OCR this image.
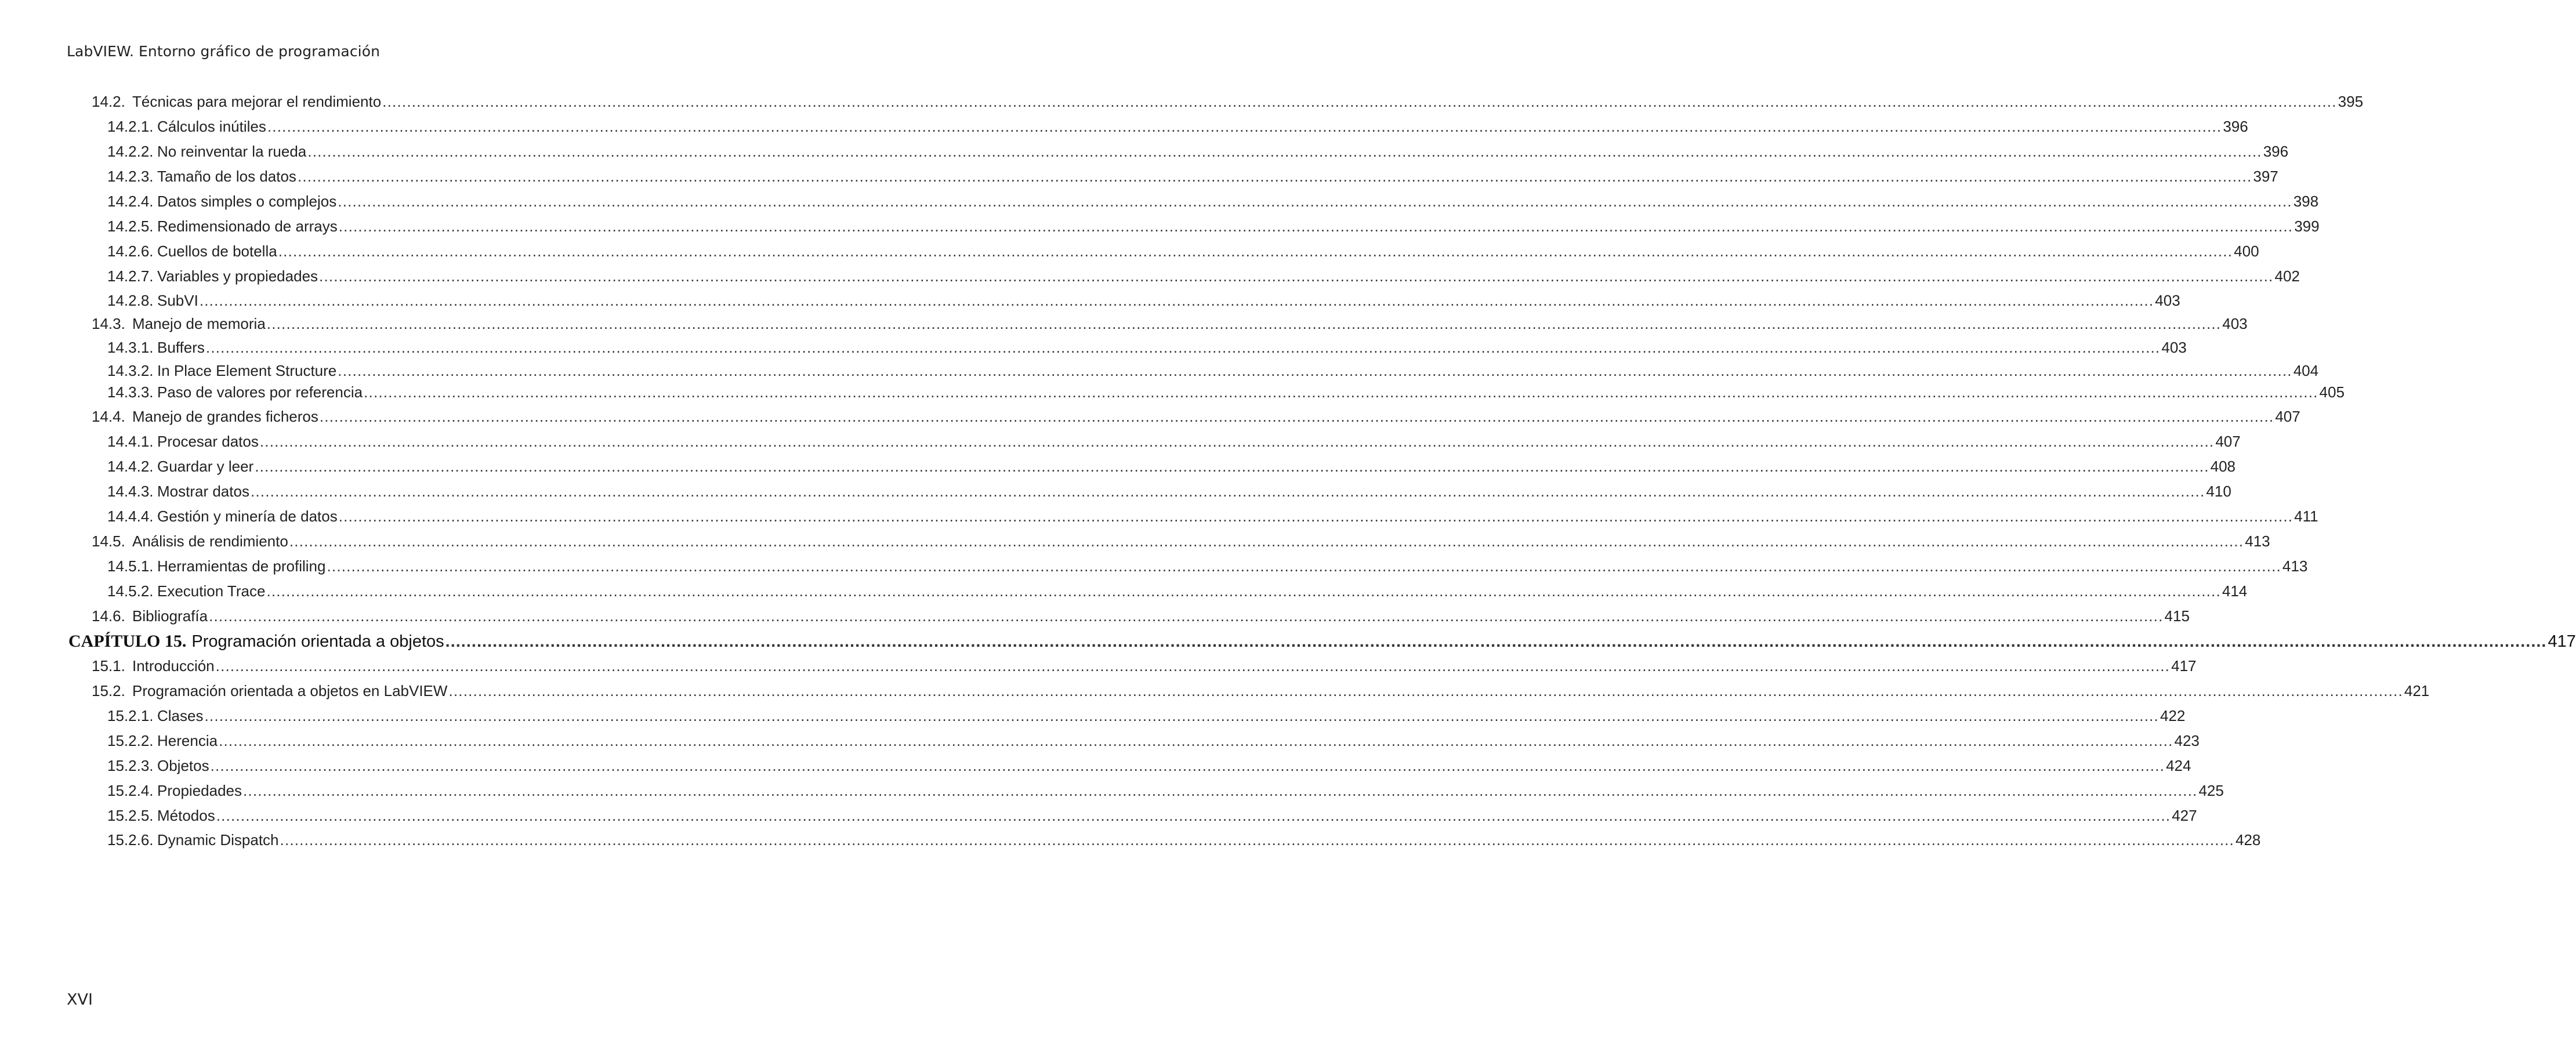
LabVIEW. Entorno gráfico de programación
14.2. Técnicas para mejorar el rendimiento ................................................................................................................................................................................................................................................................................................................................................................................................................ 395
14.2.1. Cálculos inútiles ................................................................................................................................................................................................................................................................................................................................................................................................................ 396
14.2.2. No reinventar la rueda ................................................................................................................................................................................................................................................................................................................................................................................................................ 396
14.2.3. Tamaño de los datos ................................................................................................................................................................................................................................................................................................................................................................................................................ 397
14.2.4. Datos simples o complejos ................................................................................................................................................................................................................................................................................................................................................................................................................ 398
14.2.5. Redimensionado de arrays ................................................................................................................................................................................................................................................................................................................................................................................................................ 399
14.2.6. Cuellos de botella ................................................................................................................................................................................................................................................................................................................................................................................................................ 400
14.2.7. Variables y propiedades ................................................................................................................................................................................................................................................................................................................................................................................................................ 402
14.2.8. SubVI ................................................................................................................................................................................................................................................................................................................................................................................................................ 403
14.3. Manejo de memoria ................................................................................................................................................................................................................................................................................................................................................................................................................ 403
14.3.1. Buffers ................................................................................................................................................................................................................................................................................................................................................................................................................ 403
14.3.2. In Place Element Structure ................................................................................................................................................................................................................................................................................................................................................................................................................ 404
14.3.3. Paso de valores por referencia ................................................................................................................................................................................................................................................................................................................................................................................................................ 405
14.4. Manejo de grandes ficheros ................................................................................................................................................................................................................................................................................................................................................................................................................ 407
14.4.1. Procesar datos ................................................................................................................................................................................................................................................................................................................................................................................................................ 407
14.4.2. Guardar y leer ................................................................................................................................................................................................................................................................................................................................................................................................................ 408
14.4.3. Mostrar datos ................................................................................................................................................................................................................................................................................................................................................................................................................ 410
14.4.4. Gestión y minería de datos ................................................................................................................................................................................................................................................................................................................................................................................................................ 411
14.5. Análisis de rendimiento ................................................................................................................................................................................................................................................................................................................................................................................................................ 413
14.5.1. Herramientas de profiling ................................................................................................................................................................................................................................................................................................................................................................................................................ 413
14.5.2. Execution Trace ................................................................................................................................................................................................................................................................................................................................................................................................................ 414
14.6. Bibliografía ................................................................................................................................................................................................................................................................................................................................................................................................................ 415
CAPÍTULO 15. Programación orientada a objetos ................................................................................................................................................................................................................................................................................................................................................................................................................ 417
15.1. Introducción ................................................................................................................................................................................................................................................................................................................................................................................................................ 417
15.2. Programación orientada a objetos en LabVIEW ................................................................................................................................................................................................................................................................................................................................................................................................................ 421
15.2.1. Clases ................................................................................................................................................................................................................................................................................................................................................................................................................ 422
15.2.2. Herencia ................................................................................................................................................................................................................................................................................................................................................................................................................ 423
15.2.3. Objetos ................................................................................................................................................................................................................................................................................................................................................................................................................ 424
15.2.4. Propiedades ................................................................................................................................................................................................................................................................................................................................................................................................................ 425
15.2.5. Métodos ................................................................................................................................................................................................................................................................................................................................................................................................................ 427
15.2.6. Dynamic Dispatch ................................................................................................................................................................................................................................................................................................................................................................................................................ 428
XVI
